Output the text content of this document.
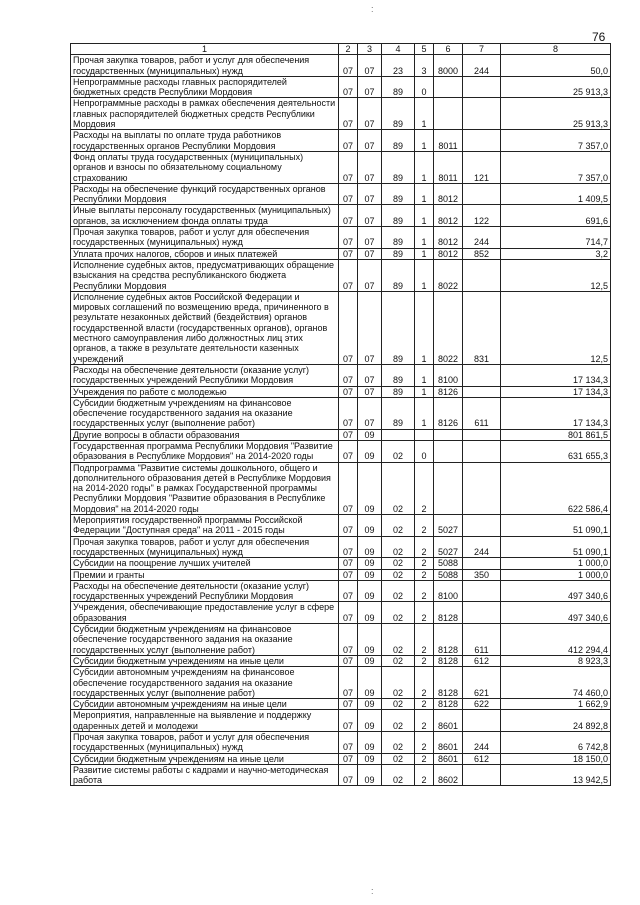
:
76
1	2	3	4	5	6	7	8
Прочая закупка товаров, работ и услуг для обеспечения государственных (муниципальных) нужд	07	07	23	3	8000	244	50,0
Непрограммные расходы главных распорядителей бюджетных средств Республики Мордовия	07	07	89	0			25 913,3
Непрограммные расходы в рамках обеспечения деятельности главных распорядителей бюджетных средств Республики Мордовия	07	07	89	1			25 913,3
Расходы на выплаты по оплате труда работников государственных органов Республики Мордовия	07	07	89	1	8011		7 357,0
Фонд оплаты труда государственных (муниципальных) органов и взносы по обязательному социальному страхованию	07	07	89	1	8011	121	7 357,0
Расходы на обеспечение функций государственных органов Республики Мордовия	07	07	89	1	8012		1 409,5
Иные выплаты персоналу государственных (муниципальных) органов, за исключением фонда оплаты труда	07	07	89	1	8012	122	691,6
Прочая закупка товаров, работ и услуг для обеспечения государственных (муниципальных) нужд	07	07	89	1	8012	244	714,7
Уплата прочих налогов, сборов и иных платежей	07	07	89	1	8012	852	3,2
Исполнение судебных актов, предусматривающих обращение взыскания на средства республиканского бюджета Республики Мордовия	07	07	89	1	8022		12,5
Исполнение судебных актов Российской Федерации и мировых соглашений по возмещению вреда, причиненного в результате незаконных действий (бездействия) органов государственной власти (государственных органов), органов местного самоуправления либо должностных лиц этих органов, а также в результате деятельности казенных учреждений	07	07	89	1	8022	831	12,5
Расходы на обеспечение деятельности (оказание услуг) государственных учреждений Республики Мордовия	07	07	89	1	8100		17 134,3
Учреждения по работе с молодежью	07	07	89	1	8126		17 134,3
Субсидии бюджетным учреждениям на финансовое обеспечение государственного задания на оказание государственных услуг (выполнение работ)	07	07	89	1	8126	611	17 134,3
Другие вопросы в области образования	07	09					801 861,5
Государственная программа Республики Мордовия "Развитие образования в Республике Мордовия" на 2014-2020 годы	07	09	02	0			631 655,3
Подпрограмма "Развитие системы дошкольного, общего и дополнительного образования детей в Республике Мордовия на 2014-2020 годы" в рамках Государственной программы Республики Мордовия "Развитие образования в Республике Мордовия" на 2014-2020 годы	07	09	02	2			622 586,4
Мероприятия государственной программы Российской Федерации "Доступная среда" на 2011 - 2015 годы	07	09	02	2	5027		51 090,1
Прочая закупка товаров, работ и услуг для обеспечения государственных (муниципальных) нужд	07	09	02	2	5027	244	51 090,1
Субсидии на поощрение лучших учителей	07	09	02	2	5088		1 000,0
Премии и гранты	07	09	02	2	5088	350	1 000,0
Расходы на обеспечение деятельности (оказание услуг) государственных учреждений Республики Мордовия	07	09	02	2	8100		497 340,6
Учреждения, обеспечивающие предоставление услуг в сфере образования	07	09	02	2	8128		497 340,6
Субсидии бюджетным учреждениям на финансовое обеспечение государственного задания на оказание государственных услуг (выполнение работ)	07	09	02	2	8128	611	412 294,4
Субсидии бюджетным учреждениям на иные цели	07	09	02	2	8128	612	8 923,3
Субсидии автономным учреждениям на финансовое обеспечение государственного задания на оказание государственных услуг (выполнение работ)	07	09	02	2	8128	621	74 460,0
Субсидии автономным учреждениям на иные цели	07	09	02	2	8128	622	1 662,9
Мероприятия, направленные на выявление и поддержку одаренных детей и молодежи	07	09	02	2	8601		24 892,8
Прочая закупка товаров, работ и услуг для обеспечения государственных (муниципальных) нужд	07	09	02	2	8601	244	6 742,8
Субсидии бюджетным учреждениям на иные цели	07	09	02	2	8601	612	18 150,0
Развитие системы работы с кадрами и научно-методическая работа	07	09	02	2	8602		13 942,5
:
